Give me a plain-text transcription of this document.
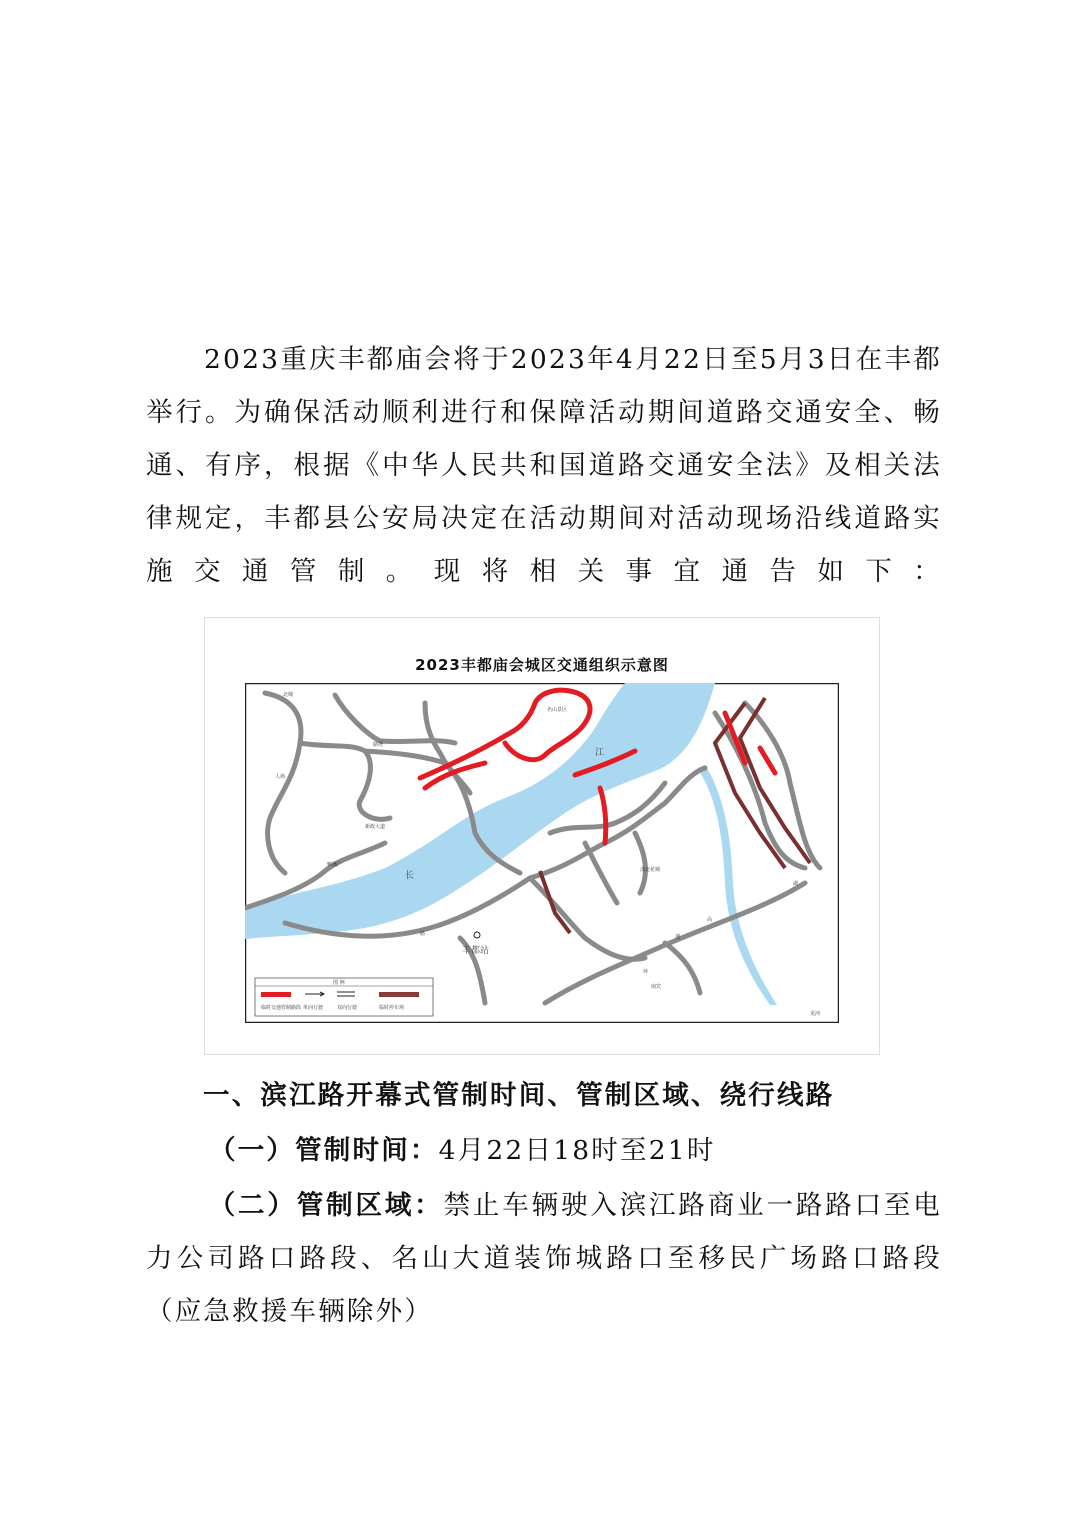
2023重庆丰都庙会将于2023年4月22日至5月3日在丰都举行。为确保活动顺利进行和保障活动期间道路交通安全、畅通、有序，根据《中华人民共和国道路交通安全法》及相关法律规定，丰都县公安局决定在活动期间对活动现场沿线道路实施交通管制。现将相关事宜通告如下：

2023丰都庙会城区交通组织示意图
长
江
丰都站
路塔
人场
新政大道
鸭溪广
名山景区
清北花城
高
速
环
湖
路
北城
龙河
南宾
图 例
临时交通管制路段 单向行驶	双向行驶	临时停车场

一、滨江路开幕式管制时间、管制区域、绕行线路

（一）管制时间：4月22日18时至21时

（二）管制区域：禁止车辆驶入滨江路商业一路路口至电力公司路口路段、名山大道装饰城路口至移民广场路口路段（应急救援车辆除外）
